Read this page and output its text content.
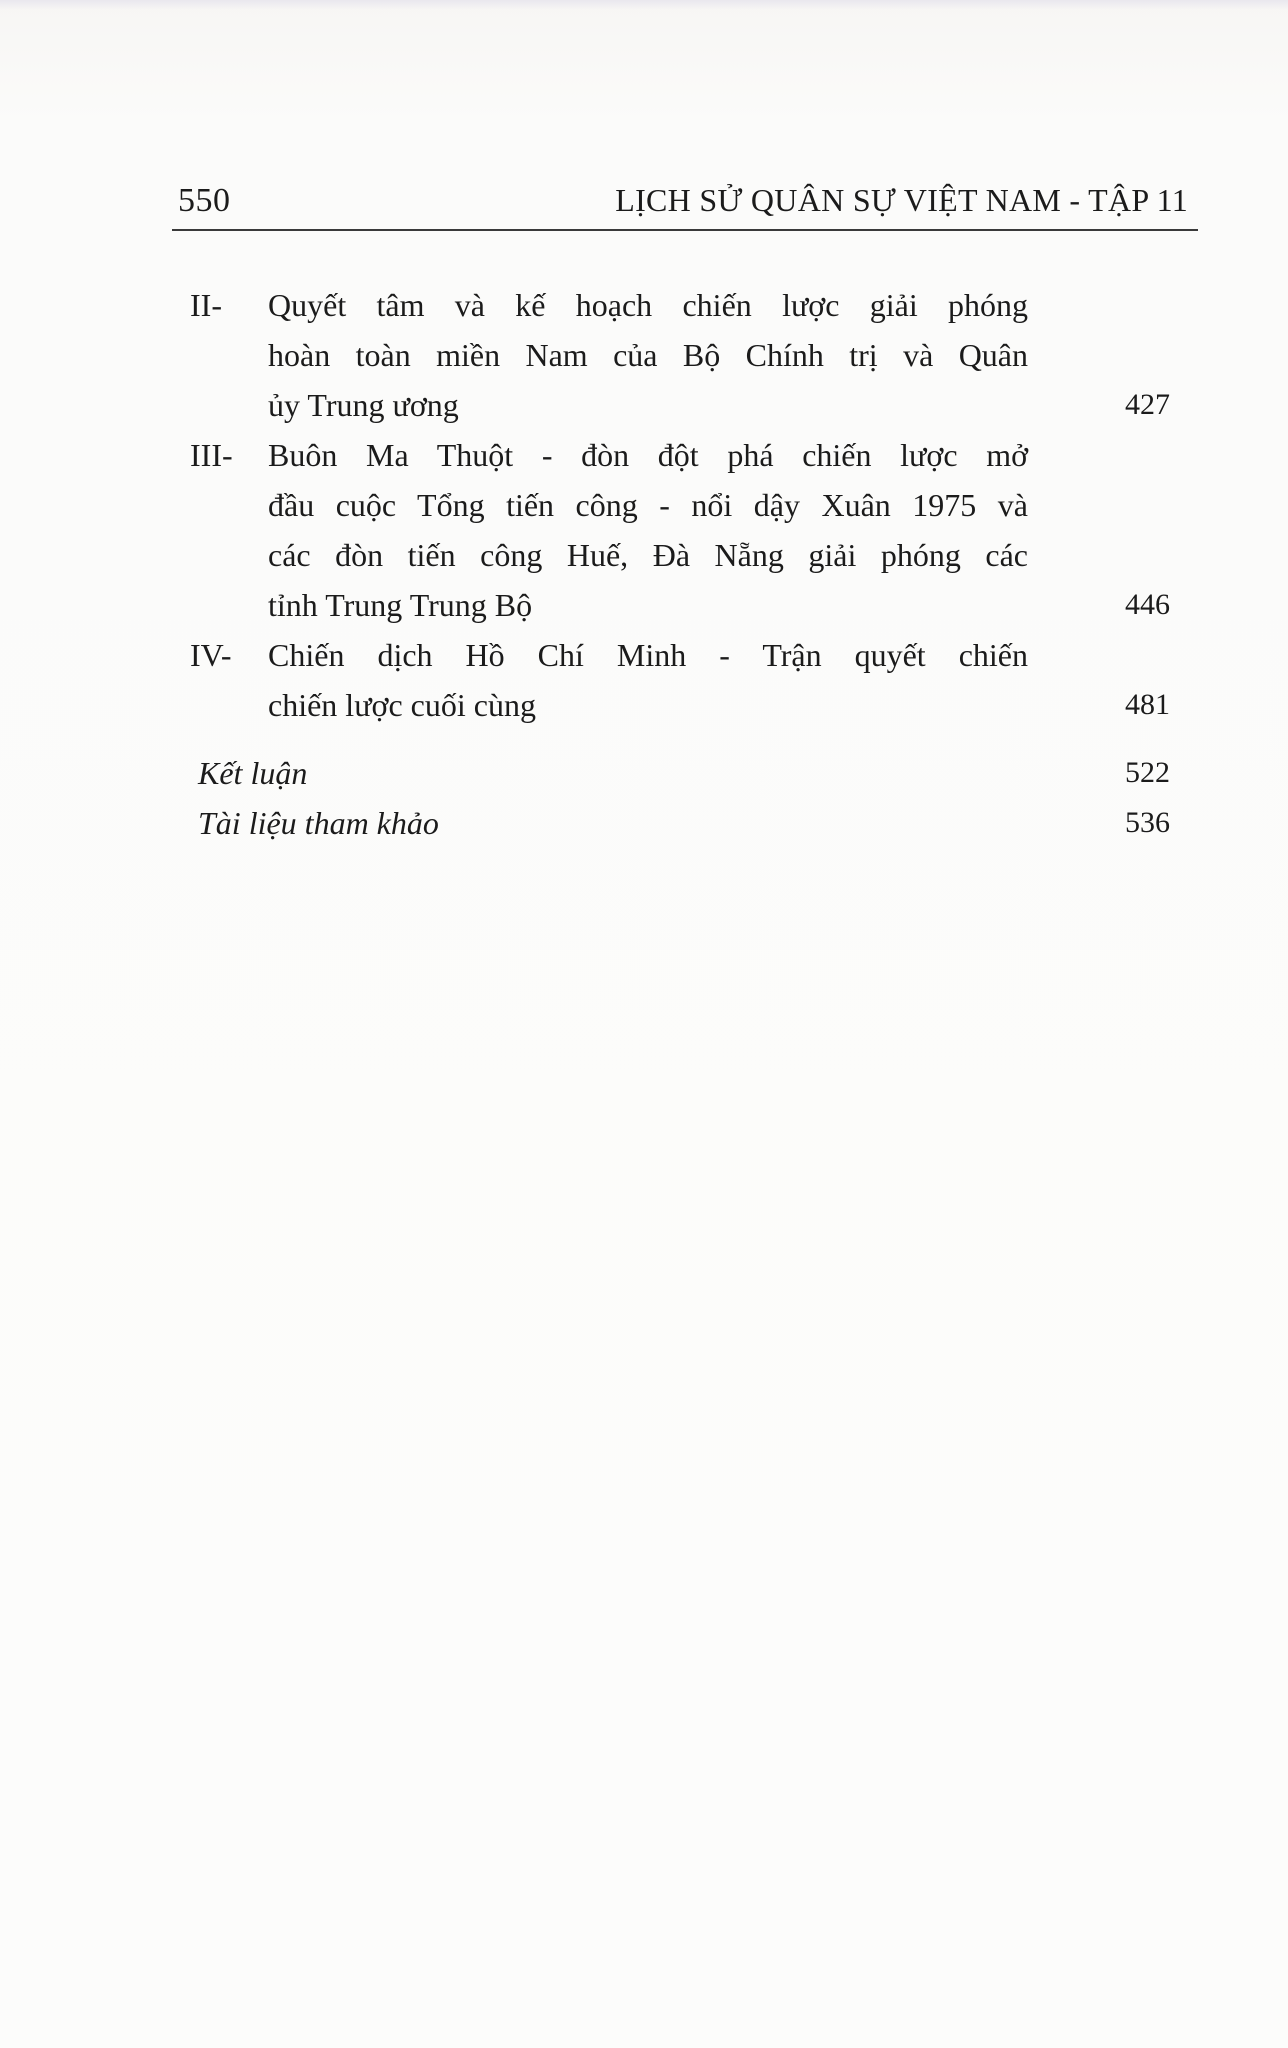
550	LỊCH SỬ QUÂN SỰ VIỆT NAM - TẬP 11
II-	Quyết tâm và kế hoạch chiến lược giải phóng
hoàn toàn miền Nam của Bộ Chính trị và Quân
ủy Trung ương	427
III-	Buôn Ma Thuột - đòn đột phá chiến lược mở
đầu cuộc Tổng tiến công - nổi dậy Xuân 1975 và
các đòn tiến công Huế, Đà Nẵng giải phóng các
tỉnh Trung Trung Bộ	446
IV-	Chiến dịch Hồ Chí Minh - Trận quyết chiến
chiến lược cuối cùng	481
Kết luận	522
Tài liệu tham khảo	536
